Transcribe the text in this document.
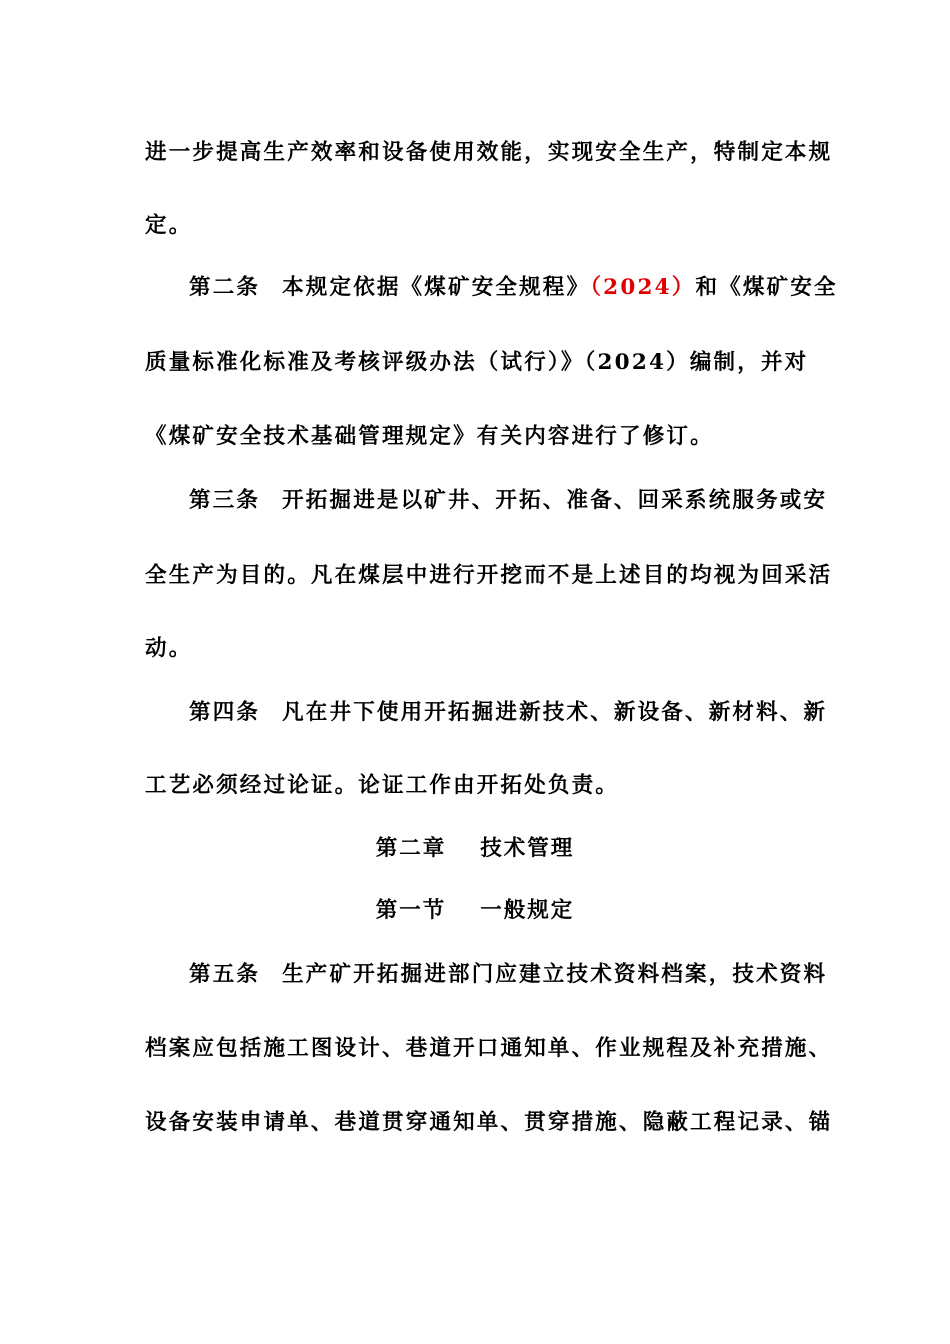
进一步提高生产效率和设备使用效能，实现安全生产，特制定本规
定。
第二条 本规定依据《煤矿安全规程》（2024）和《煤矿安全
质量标准化标准及考核评级办法（试行）》（2024）编制，并对
《煤矿安全技术基础管理规定》有关内容进行了修订。
第三条 开拓掘进是以矿井、开拓、准备、回采系统服务或安
全生产为目的。凡在煤层中进行开挖而不是上述目的均视为回采活
动。
第四条 凡在井下使用开拓掘进新技术、新设备、新材料、新
工艺必须经过论证。论证工作由开拓处负责。
第二章 技术管理
第一节 一般规定
第五条 生产矿开拓掘进部门应建立技术资料档案，技术资料
档案应包括施工图设计、巷道开口通知单、作业规程及补充措施、
设备安装申请单、巷道贯穿通知单、贯穿措施、隐蔽工程记录、锚
